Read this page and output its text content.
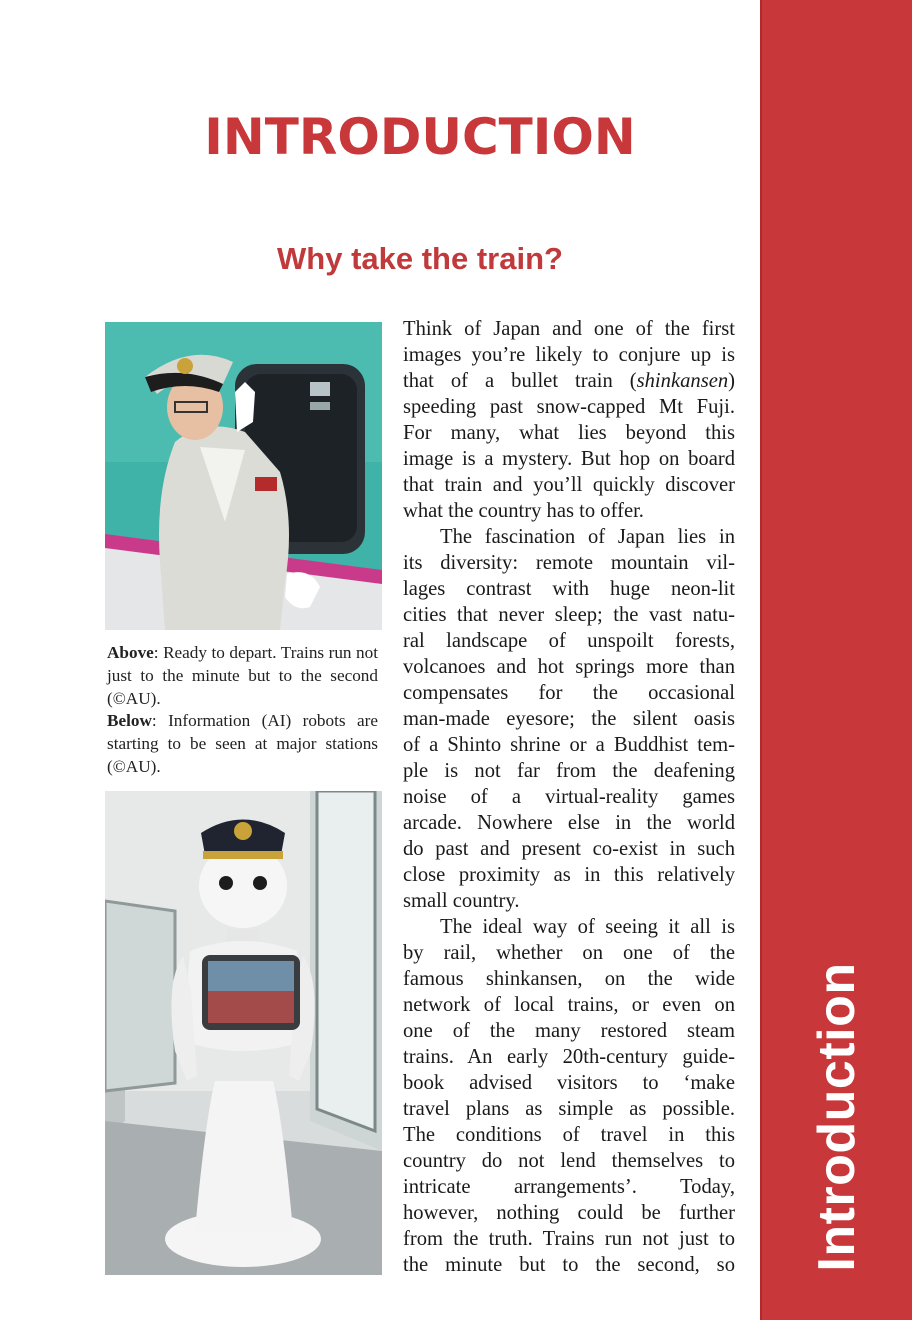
Introduction
INTRODUCTION
Why take the train?

Above: Ready to depart. Trains run not just to the minute but to the second (©AU).

Below: Information (AI) robots are starting to be seen at major stations (©AU).

Think of Japan and one of the first
images you’re likely to conjure up is
that of a bullet train (shinkansen)
speeding past snow-capped Mt Fuji.
For many, what lies beyond this
image is a mystery. But hop on board
that train and you’ll quickly discover
what the country has to offer.
The fascination of Japan lies in
its diversity: remote mountain vil-
lages contrast with huge neon-lit
cities that never sleep; the vast natu-
ral landscape of unspoilt forests,
volcanoes and hot springs more than
compensates for the occasional
man-made eyesore; the silent oasis
of a Shinto shrine or a Buddhist tem-
ple is not far from the deafening
noise of a virtual-reality games
arcade. Nowhere else in the world
do past and present co-exist in such
close proximity as in this relatively
small country.
The ideal way of seeing it all is
by rail, whether on one of the
famous shinkansen, on the wide
network of local trains, or even on
one of the many restored steam
trains. An early 20th-century guide-
book advised visitors to ‘make
travel plans as simple as possible.
The conditions of travel in this
country do not lend themselves to
intricate arrangements’. Today,
however, nothing could be further
from the truth. Trains run not just to
the minute but to the second, so
